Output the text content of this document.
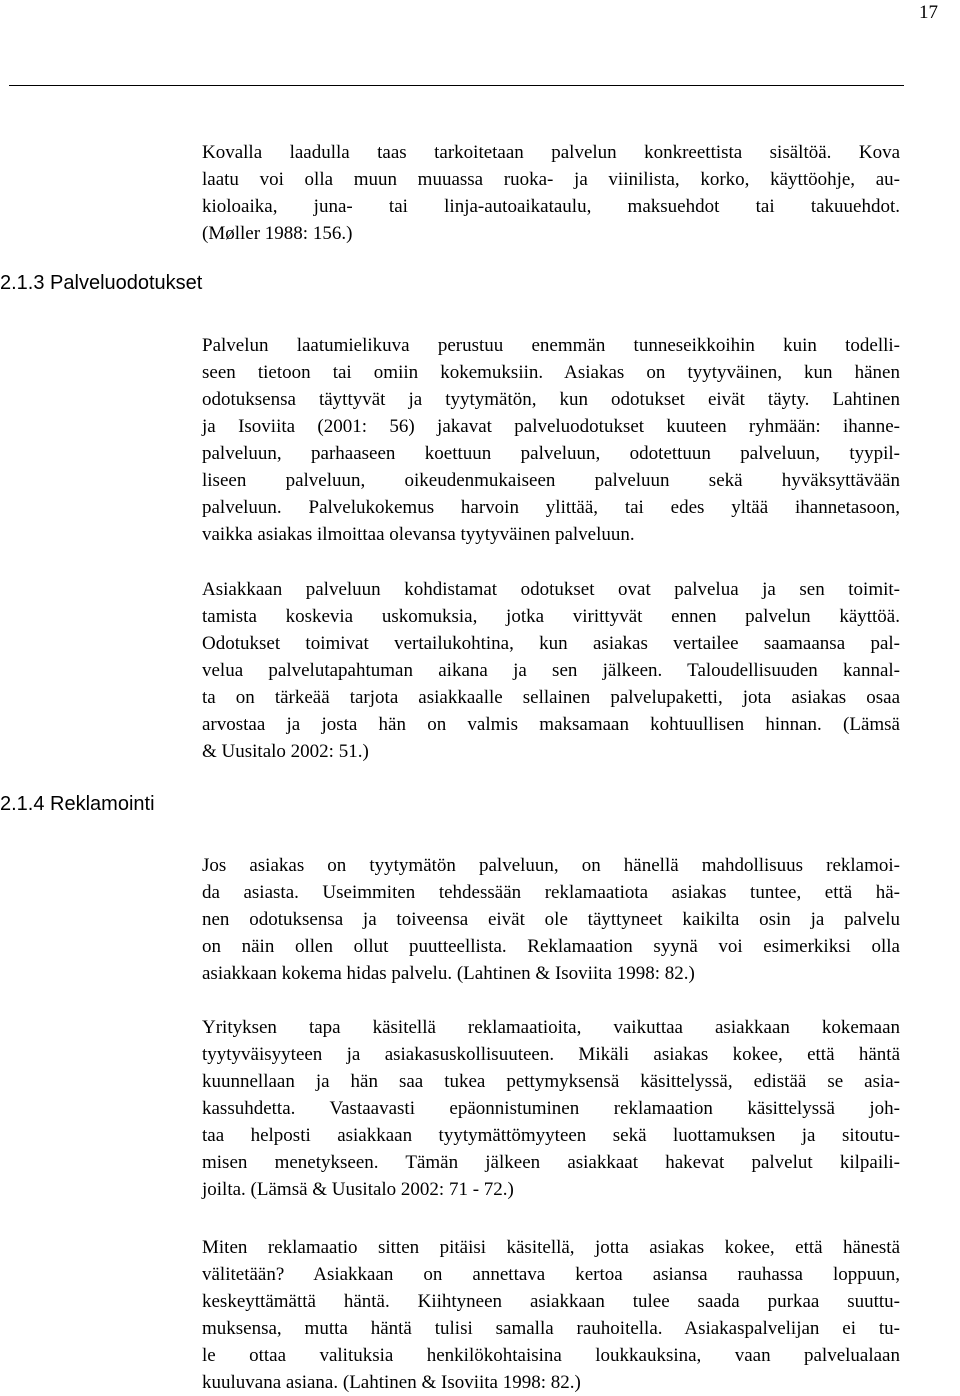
17
2.1.3 Palveluodotukset
2.1.4 Reklamointi
Kovalla laadulla taas tarkoitetaan palvelun konkreettista sisältöä. Kova
laatu voi olla muun muuassa ruoka- ja viinilista, korko, käyttöohje, au-
kioloaika, juna- tai linja-autoaikataulu, maksuehdot tai takuuehdot.
(Møller 1988: 156.)
Palvelun laatumielikuva perustuu enemmän tunneseikkoihin kuin todelli-
seen tietoon tai omiin kokemuksiin. Asiakas on tyytyväinen, kun hänen
odotuksensa täyttyvät ja tyytymätön, kun odotukset eivät täyty. Lahtinen
ja Isoviita (2001: 56) jakavat palveluodotukset kuuteen ryhmään: ihanne-
palveluun, parhaaseen koettuun palveluun, odotettuun palveluun, tyypil-
liseen palveluun, oikeudenmukaiseen palveluun sekä hyväksyttävään
palveluun. Palvelukokemus harvoin ylittää, tai edes yltää ihannetasoon,
vaikka asiakas ilmoittaa olevansa tyytyväinen palveluun.
Asiakkaan palveluun kohdistamat odotukset ovat palvelua ja sen toimit-
tamista koskevia uskomuksia, jotka virittyvät ennen palvelun käyttöä.
Odotukset toimivat vertailukohtina, kun asiakas vertailee saamaansa pal-
velua palvelutapahtuman aikana ja sen jälkeen. Taloudellisuuden kannal-
ta on tärkeää tarjota asiakkaalle sellainen palvelupaketti, jota asiakas osaa
arvostaa ja josta hän on valmis maksamaan kohtuullisen hinnan. (Lämsä
& Uusitalo 2002: 51.)
Jos asiakas on tyytymätön palveluun, on hänellä mahdollisuus reklamoi-
da asiasta. Useimmiten tehdessään reklamaatiota asiakas tuntee, että hä-
nen odotuksensa ja toiveensa eivät ole täyttyneet kaikilta osin ja palvelu
on näin ollen ollut puutteellista. Reklamaation syynä voi esimerkiksi olla
asiakkaan kokema hidas palvelu. (Lahtinen & Isoviita 1998: 82.)
Yrityksen tapa käsitellä reklamaatioita, vaikuttaa asiakkaan kokemaan
tyytyväisyyteen ja asiakasuskollisuuteen. Mikäli asiakas kokee, että häntä
kuunnellaan ja hän saa tukea pettymyksensä käsittelyssä, edistää se asia-
kassuhdetta. Vastaavasti epäonnistuminen reklamaation käsittelyssä joh-
taa helposti asiakkaan tyytymättömyyteen sekä luottamuksen ja sitoutu-
misen menetykseen. Tämän jälkeen asiakkaat hakevat palvelut kilpaili-
joilta. (Lämsä & Uusitalo 2002: 71 - 72.)
Miten reklamaatio sitten pitäisi käsitellä, jotta asiakas kokee, että hänestä
välitetään? Asiakkaan on annettava kertoa asiansa rauhassa loppuun,
keskeyttämättä häntä. Kiihtyneen asiakkaan tulee saada purkaa suuttu-
muksensa, mutta häntä tulisi samalla rauhoitella. Asiakaspalvelijan ei tu-
le ottaa valituksia henkilökohtaisina loukkauksina, vaan palvelualaan
kuuluvana asiana. (Lahtinen & Isoviita 1998: 82.)
